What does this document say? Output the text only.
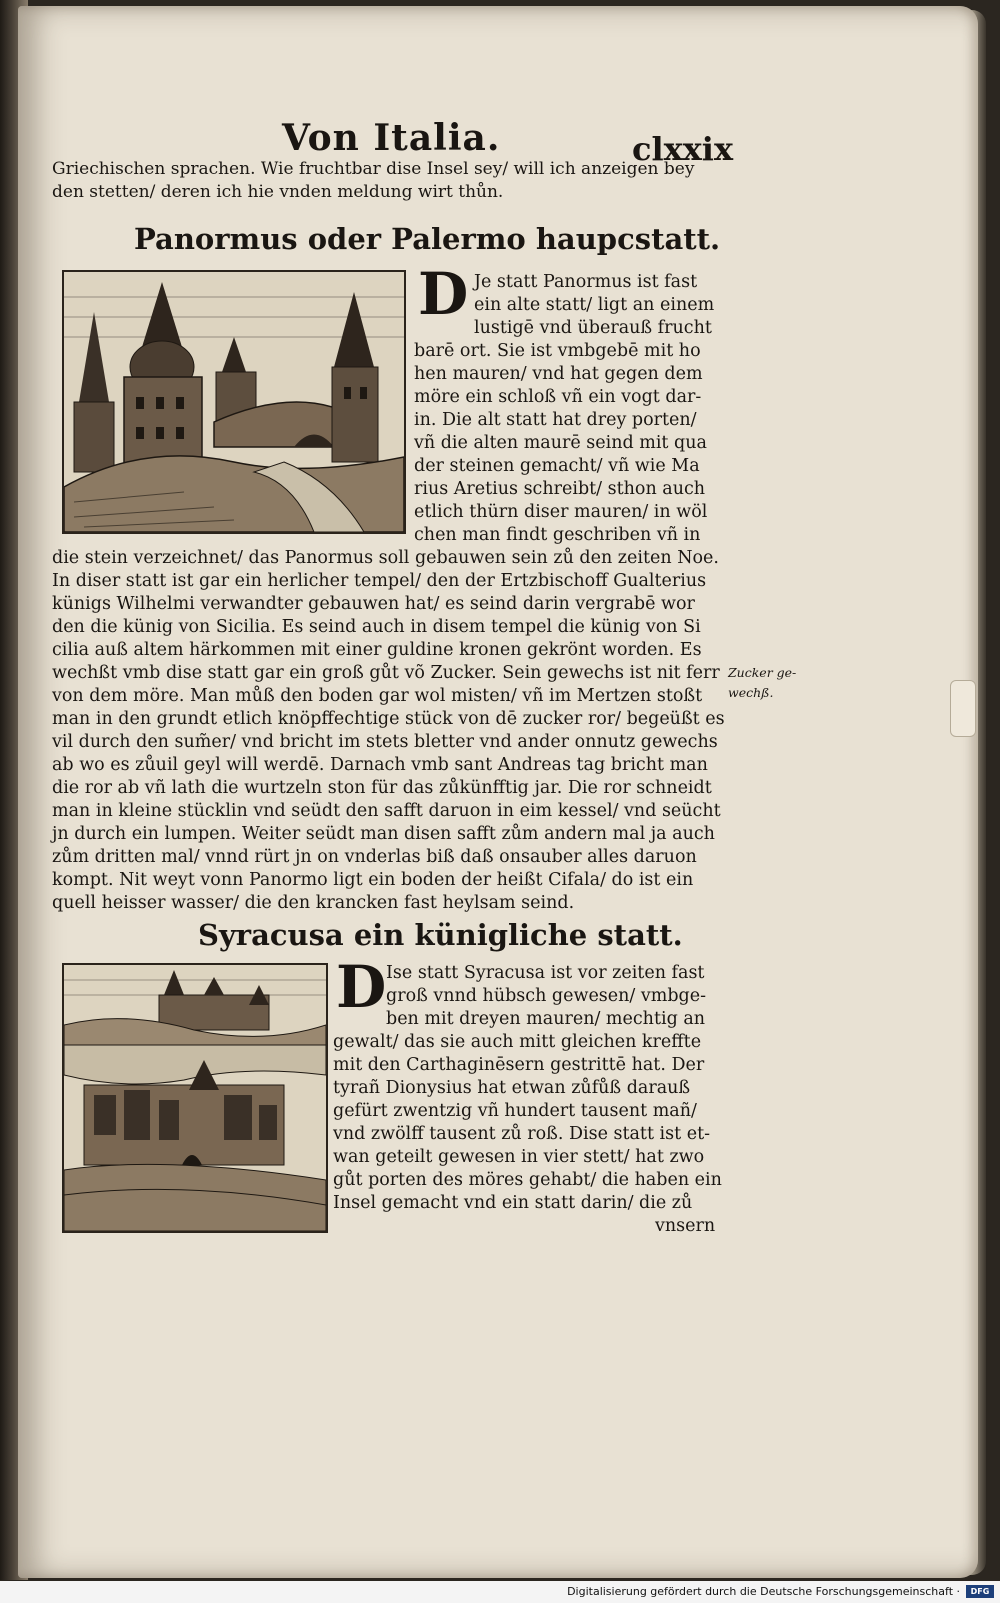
Von Italia.	clxxix
Griechischen sprachen. Wie fruchtbar dise Insel sey/ will ich anzeigen bey
den stetten/ deren ich hie vnden meldung wirt thůn.
Panormus oder Palermo haupcstatt.
D Je statt Panormus ist fast
ein alte statt/ ligt an einem
lustigē vnd überauß frucht
barē ort. Sie ist vmbgebē mit ho
hen mauren/ vnd hat gegen dem
möre ein schloß vñ ein vogt dar-
in. Die alt statt hat drey porten/
vñ die alten maurē seind mit qua
der steinen gemacht/ vñ wie Ma
rius Aretius schreibt/ sthon auch
etlich thürn diser mauren/ in wöl
chen man findt geschriben vñ in
die stein verzeichnet/ das Panormus soll gebauwen sein zů den zeiten Noe.
In diser statt ist gar ein herlicher tempel/ den der Ertzbischoff Gualterius
künigs Wilhelmi verwandter gebauwen hat/ es seind darin vergrabē wor
den die künig von Sicilia. Es seind auch in disem tempel die künig von Si
cilia auß altem härkommen mit einer guldine kronen gekrönt worden. Es
wechßt vmb dise statt gar ein groß gůt võ Zucker. Sein gewechs ist nit ferr
von dem möre. Man můß den boden gar wol misten/ vñ im Mertzen stoßt
man in den grundt etlich knöpffechtige stück von dē zucker ror/ begeüßt es
vil durch den sum̃er/ vnd bricht im stets bletter vnd ander onnutz gewechs
ab wo es zůuil geyl will werdē. Darnach vmb sant Andreas tag bricht man
die ror ab vñ lath die wurtzeln ston für das zůkünfftig jar. Die ror schneidt
man in kleine stücklin vnd seüdt den safft daruon in eim kessel/ vnd seücht
jn durch ein lumpen. Weiter seüdt man disen safft zům andern mal ja auch
zům dritten mal/ vnnd rürt jn on vnderlas biß daß onsauber alles daruon
kompt. Nit weyt vonn Panormo ligt ein boden der heißt Cifala/ do ist ein
quell heisser wasser/ die den krancken fast heylsam seind.
Zucker ge-
wechß.
Syracusa ein künigliche statt.
D Ise statt Syracusa ist vor zeiten fast
groß vnnd hübsch gewesen/ vmbge-
ben mit dreyen mauren/ mechtig an
gewalt/ das sie auch mitt gleichen kreffte
mit den Carthaginēsern gestrittē hat. Der
tyrañ Dionysius hat etwan zůfůß darauß
gefürt zwentzig vñ hundert tausent mañ/
vnd zwölff tausent zů roß. Dise statt ist et-
wan geteilt gewesen in vier stett/ hat zwo
gůt porten des möres gehabt/ die haben ein
Insel gemacht vnd ein statt darin/ die zů
vnsern
Digitalisierung gefördert durch die Deutsche Forschungsgemeinschaft ·	DFG
